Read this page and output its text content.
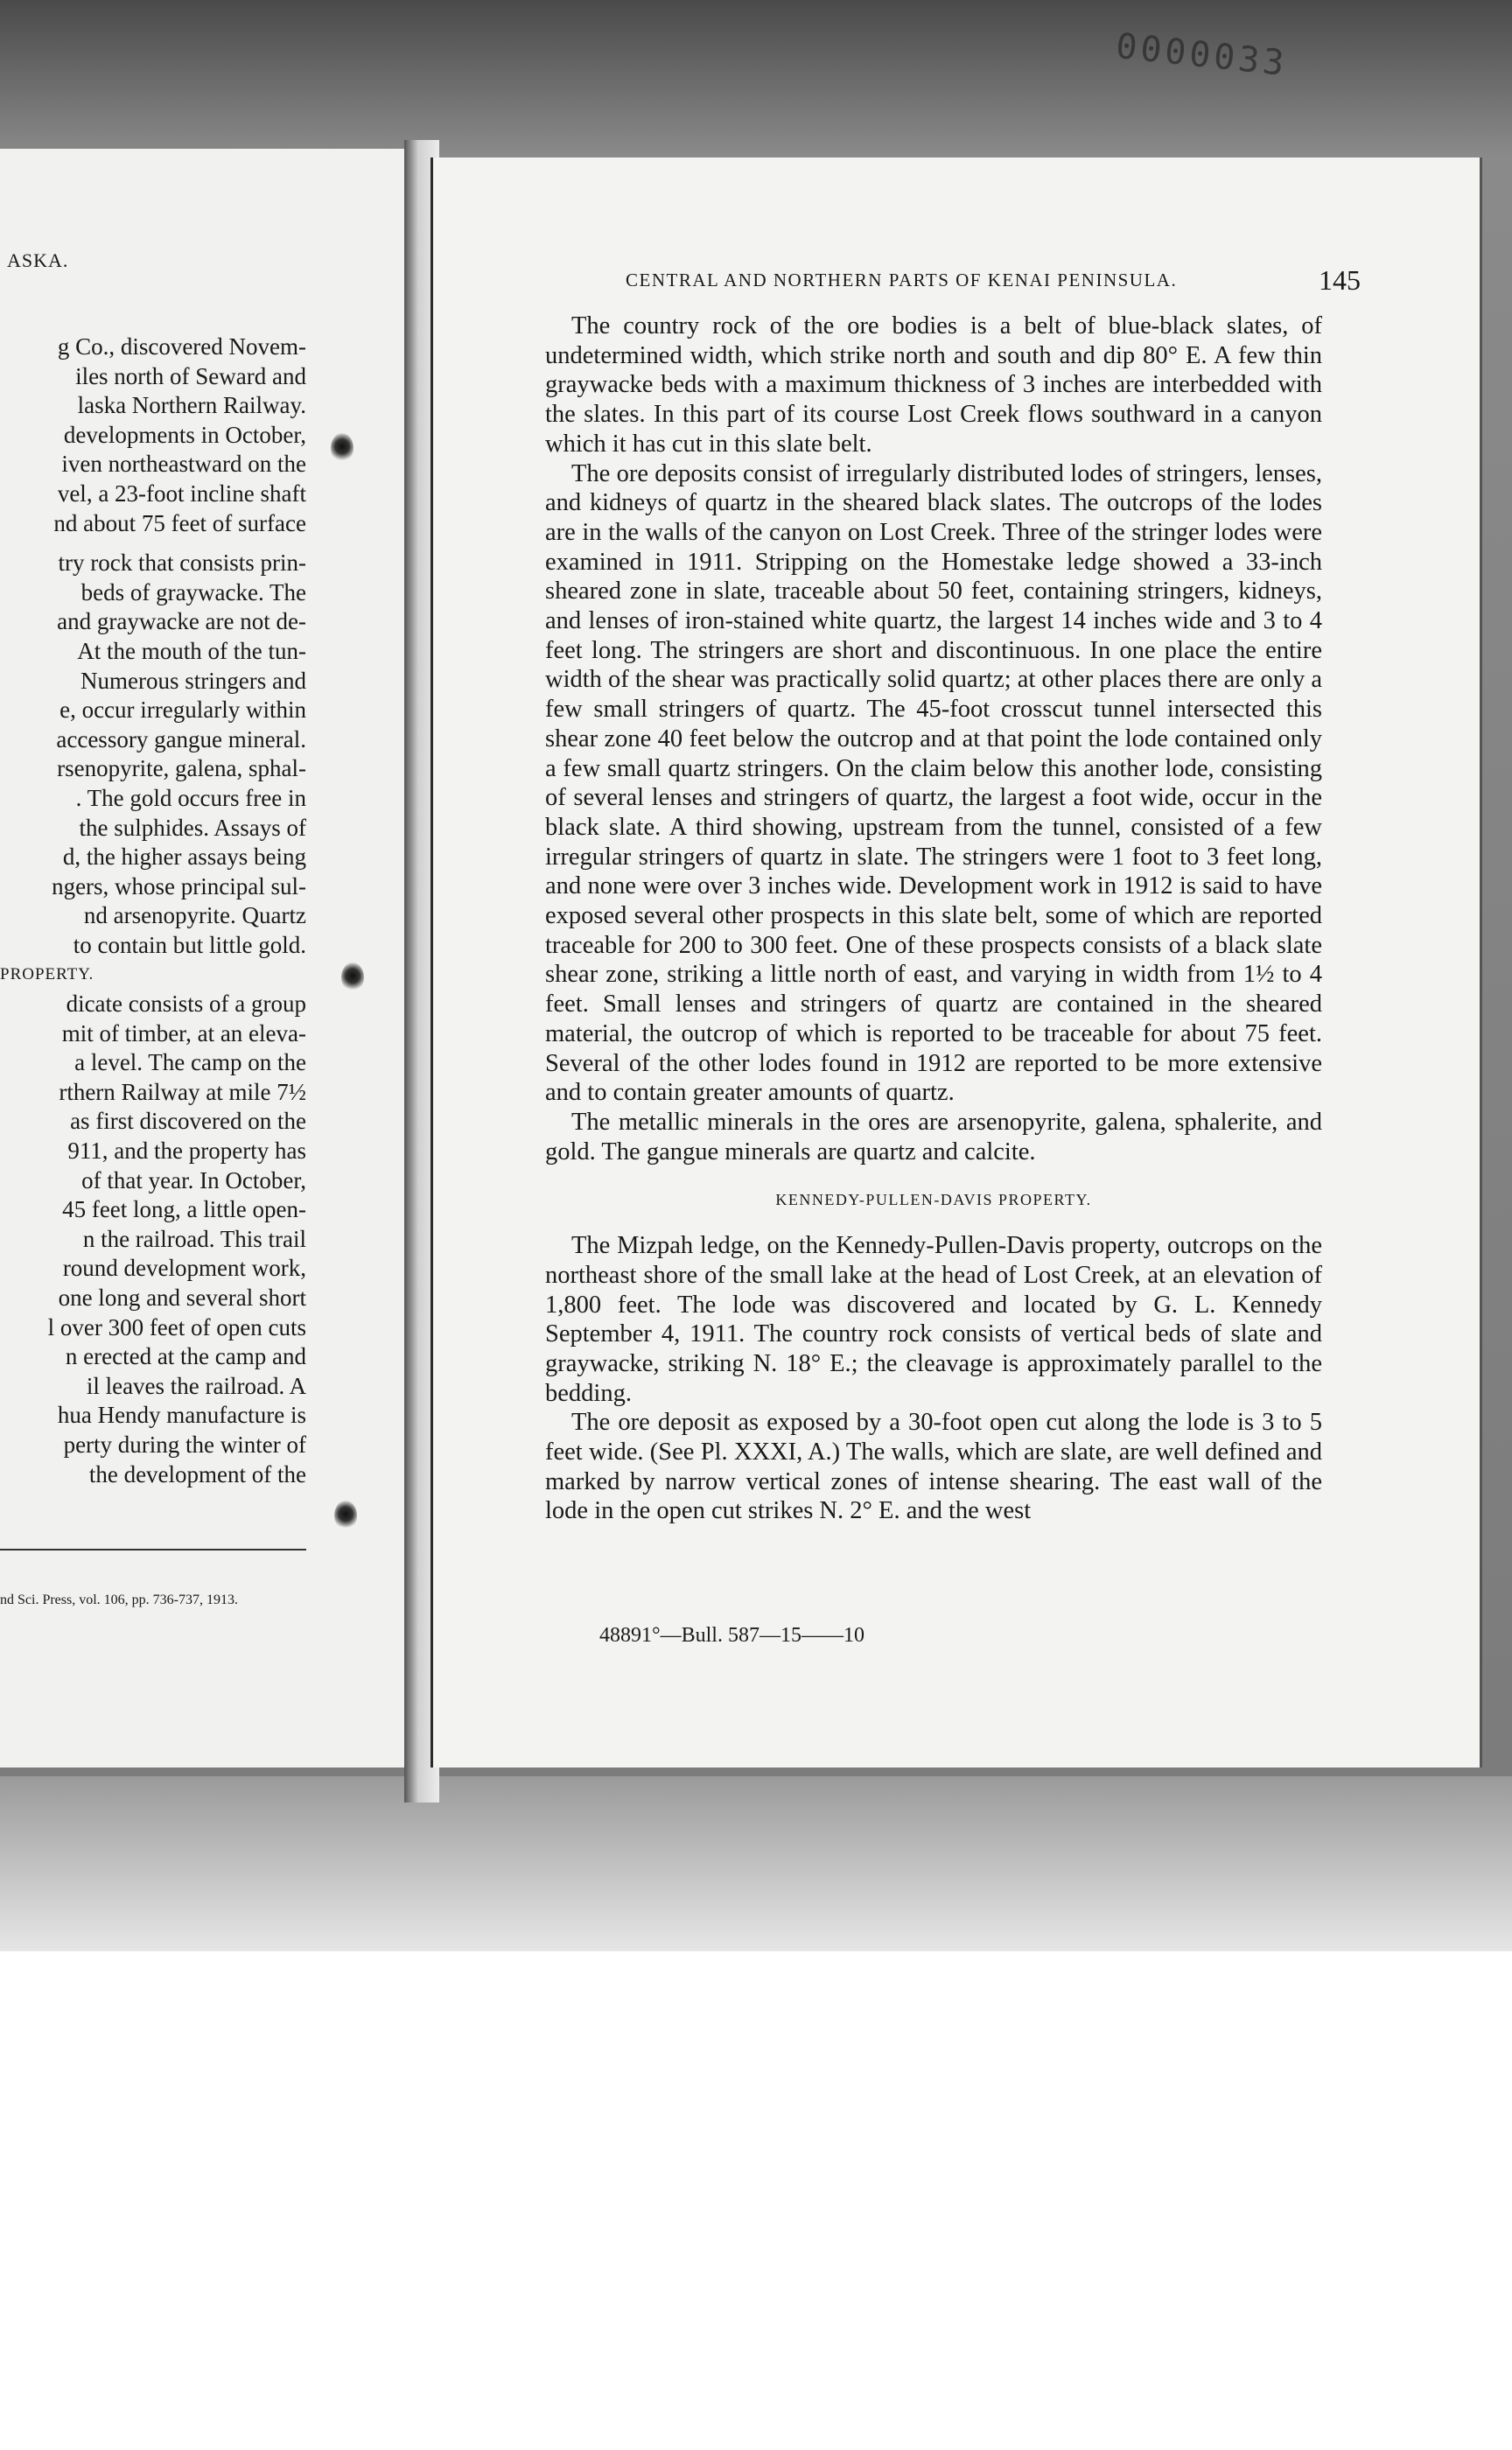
0000033
ASKA.
g Co., discovered Novem-
iles north of Seward and
laska Northern Railway.
developments in October,
iven northeastward on the
vel, a 23-foot incline shaft
nd about 75 feet of surface
try rock that consists prin-
beds of graywacke. The
and graywacke are not de-
At the mouth of the tun-
Numerous stringers and
e, occur irregularly within
accessory gangue mineral.
rsenopyrite, galena, sphal-
. The gold occurs free in
the sulphides. Assays of
d, the higher assays being
ngers, whose principal sul-
nd arsenopyrite. Quartz
to contain but little gold.
PROPERTY.
dicate consists of a group
mit of timber, at an eleva-
a level. The camp on the
rthern Railway at mile 7½
as first discovered on the
911, and the property has
of that year. In October,
45 feet long, a little open-
n the railroad. This trail
round development work,
one long and several short
l over 300 feet of open cuts
n erected at the camp and
il leaves the railroad. A
hua Hendy manufacture is
perty during the winter of
the development of the
nd Sci. Press, vol. 106, pp. 736-737, 1913.
CENTRAL AND NORTHERN PARTS OF KENAI PENINSULA.	145

The country rock of the ore bodies is a belt of blue-black slates, of undetermined width, which strike north and south and dip 80° E. A few thin graywacke beds with a maximum thickness of 3 inches are interbedded with the slates. In this part of its course Lost Creek flows southward in a canyon which it has cut in this slate belt.

The ore deposits consist of irregularly distributed lodes of stringers, lenses, and kidneys of quartz in the sheared black slates. The outcrops of the lodes are in the walls of the canyon on Lost Creek. Three of the stringer lodes were examined in 1911. Stripping on the Homestake ledge showed a 33-inch sheared zone in slate, traceable about 50 feet, containing stringers, kidneys, and lenses of iron-stained white quartz, the largest 14 inches wide and 3 to 4 feet long. The stringers are short and discontinuous. In one place the entire width of the shear was practically solid quartz; at other places there are only a few small stringers of quartz. The 45-foot crosscut tunnel intersected this shear zone 40 feet below the outcrop and at that point the lode contained only a few small quartz stringers. On the claim below this another lode, consisting of several lenses and stringers of quartz, the largest a foot wide, occur in the black slate. A third showing, upstream from the tunnel, consisted of a few irregular stringers of quartz in slate. The stringers were 1 foot to 3 feet long, and none were over 3 inches wide. Development work in 1912 is said to have exposed several other prospects in this slate belt, some of which are reported traceable for 200 to 300 feet. One of these prospects consists of a black slate shear zone, striking a little north of east, and varying in width from 1½ to 4 feet. Small lenses and stringers of quartz are contained in the sheared material, the outcrop of which is reported to be traceable for about 75 feet. Several of the other lodes found in 1912 are reported to be more extensive and to contain greater amounts of quartz.

The metallic minerals in the ores are arsenopyrite, galena, sphalerite, and gold. The gangue minerals are quartz and calcite.

KENNEDY-PULLEN-DAVIS PROPERTY.

The Mizpah ledge, on the Kennedy-Pullen-Davis property, outcrops on the northeast shore of the small lake at the head of Lost Creek, at an elevation of 1,800 feet. The lode was discovered and located by G. L. Kennedy September 4, 1911. The country rock consists of vertical beds of slate and graywacke, striking N. 18° E.; the cleavage is approximately parallel to the bedding.

The ore deposit as exposed by a 30-foot open cut along the lode is 3 to 5 feet wide. (See Pl. XXXI, A.) The walls, which are slate, are well defined and marked by narrow vertical zones of intense shearing. The east wall of the lode in the open cut strikes N. 2° E. and the west

48891°—Bull. 587—15——10
